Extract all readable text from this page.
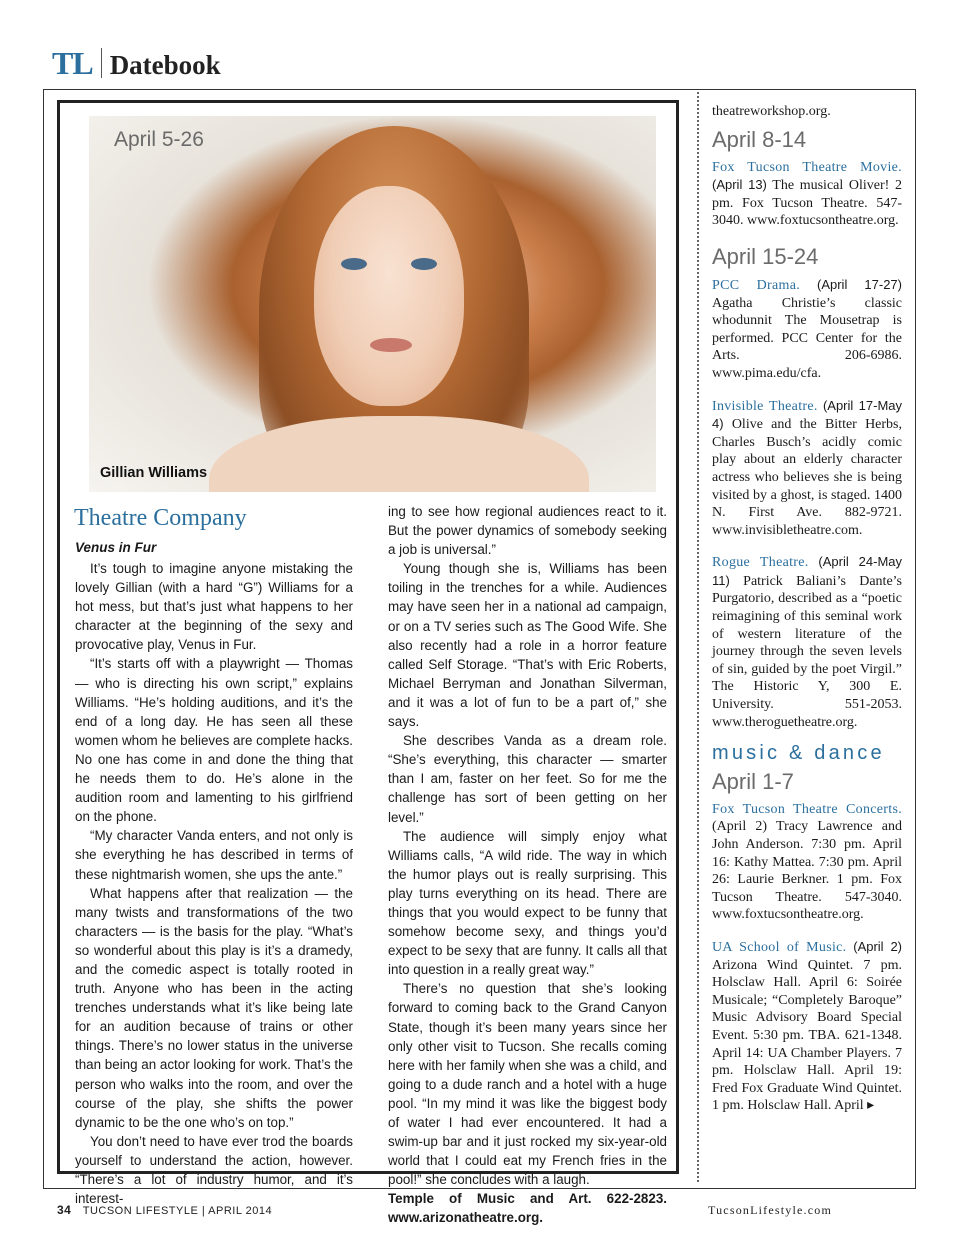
TL Datebook
April 5-26
Gillian Williams
Theatre Company
Venus in Fur

It’s tough to imagine anyone mistaking the lovely Gillian (with a hard “G”) Williams for a hot mess, but that’s just what happens to her character at the beginning of the sexy and provocative play, Venus in Fur.

“It’s starts off with a playwright — Thomas — who is directing his own script,” explains Williams. “He’s holding auditions, and it’s the end of a long day. He has seen all these women whom he believes are complete hacks. No one has come in and done the thing that he needs them to do. He’s alone in the audition room and lamenting to his girlfriend on the phone.

“My character Vanda enters, and not only is she everything he has described in terms of these nightmarish women, she ups the ante.”

What happens after that realization — the many twists and transformations of the two characters — is the basis for the play. “What’s so wonderful about this play is it’s a dramedy, and the comedic aspect is totally rooted in truth. Anyone who has been in the acting trenches understands what it’s like being late for an audition because of trains or other things. There’s no lower status in the universe than being an actor looking for work. That’s the person who walks into the room, and over the course of the play, she shifts the power dynamic to be the one who’s on top.”

You don’t need to have ever trod the boards yourself to understand the action, however. “There’s a lot of industry humor, and it’s interest-

ing to see how regional audiences react to it. But the power dynamics of somebody seeking a job is universal.”

Young though she is, Williams has been toiling in the trenches for a while. Audiences may have seen her in a national ad campaign, or on a TV series such as The Good Wife. She also recently had a role in a horror feature called Self Storage. “That’s with Eric Roberts, Michael Berryman and Jonathan Silverman, and it was a lot of fun to be a part of,” she says.

She describes Vanda as a dream role. “She’s everything, this character — smarter than I am, faster on her feet. So for me the challenge has sort of been getting on her level.”

The audience will simply enjoy what Williams calls, “A wild ride. The way in which the humor plays out is really surprising. This play turns everything on its head. There are things that you would expect to be funny that somehow become sexy, and things you’d expect to be sexy that are funny. It calls all that into question in a really great way.”

There’s no question that she’s looking forward to coming back to the Grand Canyon State, though it’s been many years since her only other visit to Tucson. She recalls coming here with her family when she was a child, and going to a dude ranch and a hotel with a huge pool. “In my mind it was like the biggest body of water I had ever encountered. It had a swim-up bar and it just rocked my six-year-old world that I could eat my French fries in the pool!” she concludes with a laugh.

Temple of Music and Art. 622-2823. www.arizonatheatre.org.

theatreworkshop.org.
April 8-14
Fox Tucson Theatre Movie. (April 13) The musical Oliver! 2 pm. Fox Tucson Theatre. 547-3040. www.foxtucsontheatre.org.
April 15-24
PCC Drama. (April 17-27) Agatha Christie’s classic whodunnit The Mousetrap is performed. PCC Center for the Arts. 206-6986. www.pima.edu/cfa.
Invisible Theatre. (April 17-May 4) Olive and the Bitter Herbs, Charles Busch’s acidly comic play about an elderly character actress who believes she is being visited by a ghost, is staged. 1400 N. First Ave. 882-9721. www.invisibletheatre.com.
Rogue Theatre. (April 24-May 11) Patrick Baliani’s Dante’s Purgatorio, described as a “poetic reimagining of this seminal work of western literature of the journey through the seven levels of sin, guided by the poet Virgil.” The Historic Y, 300 E. University. 551-2053. www.theroguetheatre.org.
music & dance
April 1-7
Fox Tucson Theatre Concerts. (April 2) Tracy Lawrence and John Anderson. 7:30 pm. April 16: Kathy Mattea. 7:30 pm. April 26: Laurie Berkner. 1 pm. Fox Tucson Theatre. 547-3040. www.foxtucsontheatre.org.
UA School of Music. (April 2) Arizona Wind Quintet. 7 pm. Holsclaw Hall. April 6: Soirée Musicale; “Completely Baroque” Music Advisory Board Special Event. 5:30 pm. TBA. 621-1348. April 14: UA Chamber Players. 7 pm. Holsclaw Hall. April 19: Fred Fox Graduate Wind Quintet. 1 pm. Holsclaw Hall. April ▸
34 TUCSON LIFESTYLE | APRIL 2014	TucsonLifestyle.com
